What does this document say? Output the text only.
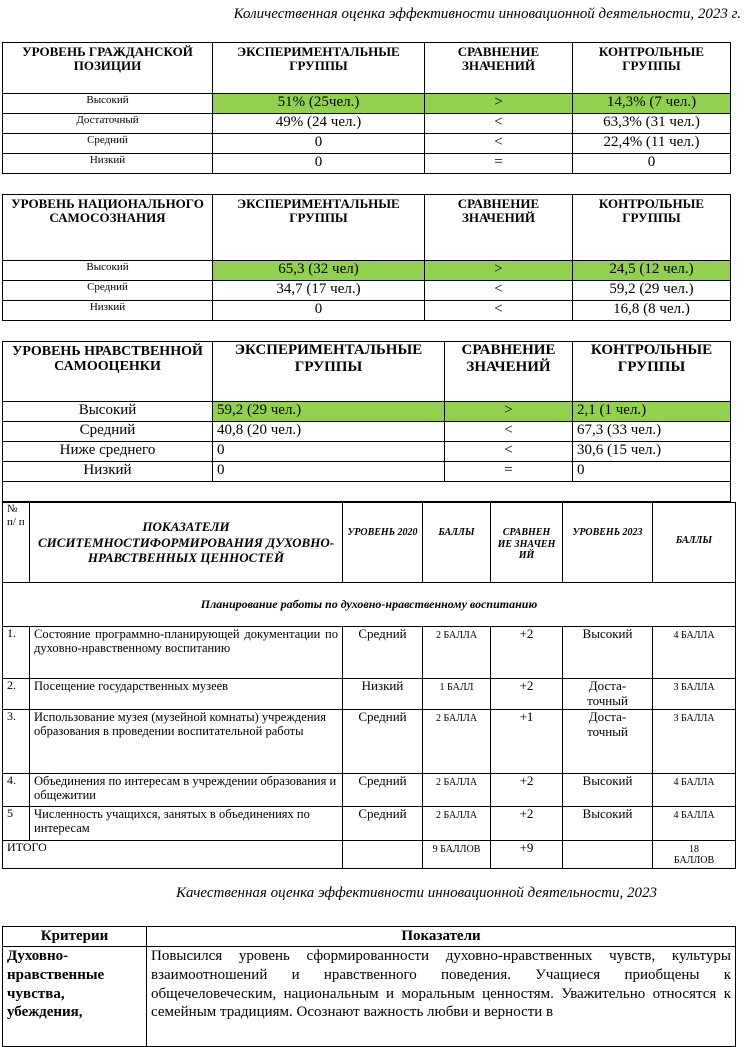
Количественная оценка эффективности инновационной деятельности, 2023 г.
УРОВЕНЬ ГРАЖДАНСКОЙ ПОЗИЦИИ	ЭКСПЕРИМЕНТАЛЬНЫЕ ГРУППЫ	СРАВНЕНИЕ ЗНАЧЕНИЙ	КОНТРОЛЬНЫЕ ГРУППЫ
Высокий	51% (25чел.)	>	14,3% (7 чел.)
Достаточный	49% (24 чел.)	<	63,3% (31 чел.)
Средний	0	<	22,4% (11 чел.)
Низкий	0	=	0
УРОВЕНЬ НАЦИОНАЛЬНОГО САМОСОЗНАНИЯ	ЭКСПЕРИМЕНТАЛЬНЫЕ ГРУППЫ	СРАВНЕНИЕ ЗНАЧЕНИЙ	КОНТРОЛЬНЫЕ ГРУППЫ
Высокий	65,3 (32 чел)	>	24,5 (12 чел.)
Средний	34,7 (17 чел.)	<	59,2 (29 чел.)
Низкий	0	<	16,8 (8 чел.)
УРОВЕНЬ НРАВСТВЕННОЙ САМООЦЕНКИ	ЭКСПЕРИМЕНТАЛЬНЫЕ ГРУППЫ	СРАВНЕНИЕ ЗНАЧЕНИЙ	КОНТРОЛЬНЫЕ ГРУППЫ
Высокий	59,2 (29 чел.)	>	2,1 (1 чел.)
Средний	40,8 (20 чел.)	<	67,3 (33 чел.)
Ниже среднего	0	<	30,6 (15 чел.)
Низкий	0	=	0

№ п/ п	ПОКАЗАТЕЛИ СИСИТЕМНОСТИФОРМИРОВАНИЯ ДУХОВНО-НРАВСТВЕННЫХ ЦЕННОСТЕЙ	УРОВЕНЬ 2020	БАЛЛЫ	СРАВНЕН ИЕ ЗНАЧЕН ИЙ	УРОВЕНЬ 2023	БАЛЛЫ
Планирование работы по духовно-нравственному воспитанию						
1.	Состояние программно-планирующей документации по духовно-нравственному воспитанию	Средний	2 БАЛЛА	+2	Высокий	4 БАЛЛА
2.	Посещение государственных музеев	Низкий	1 БАЛЛ	+2	Доста-точный	3 БАЛЛА
3.	Использование музея (музейной комнаты) учреждения образования в проведении воспитательной работы	Средний	2 БАЛЛА	+1	Доста-точный	3 БАЛЛА
4.	Объединения по интересам в учреждении образования и общежитии	Средний	2 БАЛЛА	+2	Высокий	4 БАЛЛА
5	Численность учащихся, занятых в объединениях по интересам	Средний	2 БАЛЛА	+2	Высокий	4 БАЛЛА
ИТОГО			9 БАЛЛОВ	+9		18 БАЛЛОВ
Качественная оценка эффективности инновационной деятельности, 2023
Критерии	Показатели
Духовно-нравственные чувства, убеждения,	Повысился уровень сформированности духовно-нравственных чувств, культуры взаимоотношений и нравственного поведения. Учащиеся приобщены к общечеловеческим, национальным и моральным ценностям. Уважительно относятся к семейным традициям. Осознают важность любви и верности в
